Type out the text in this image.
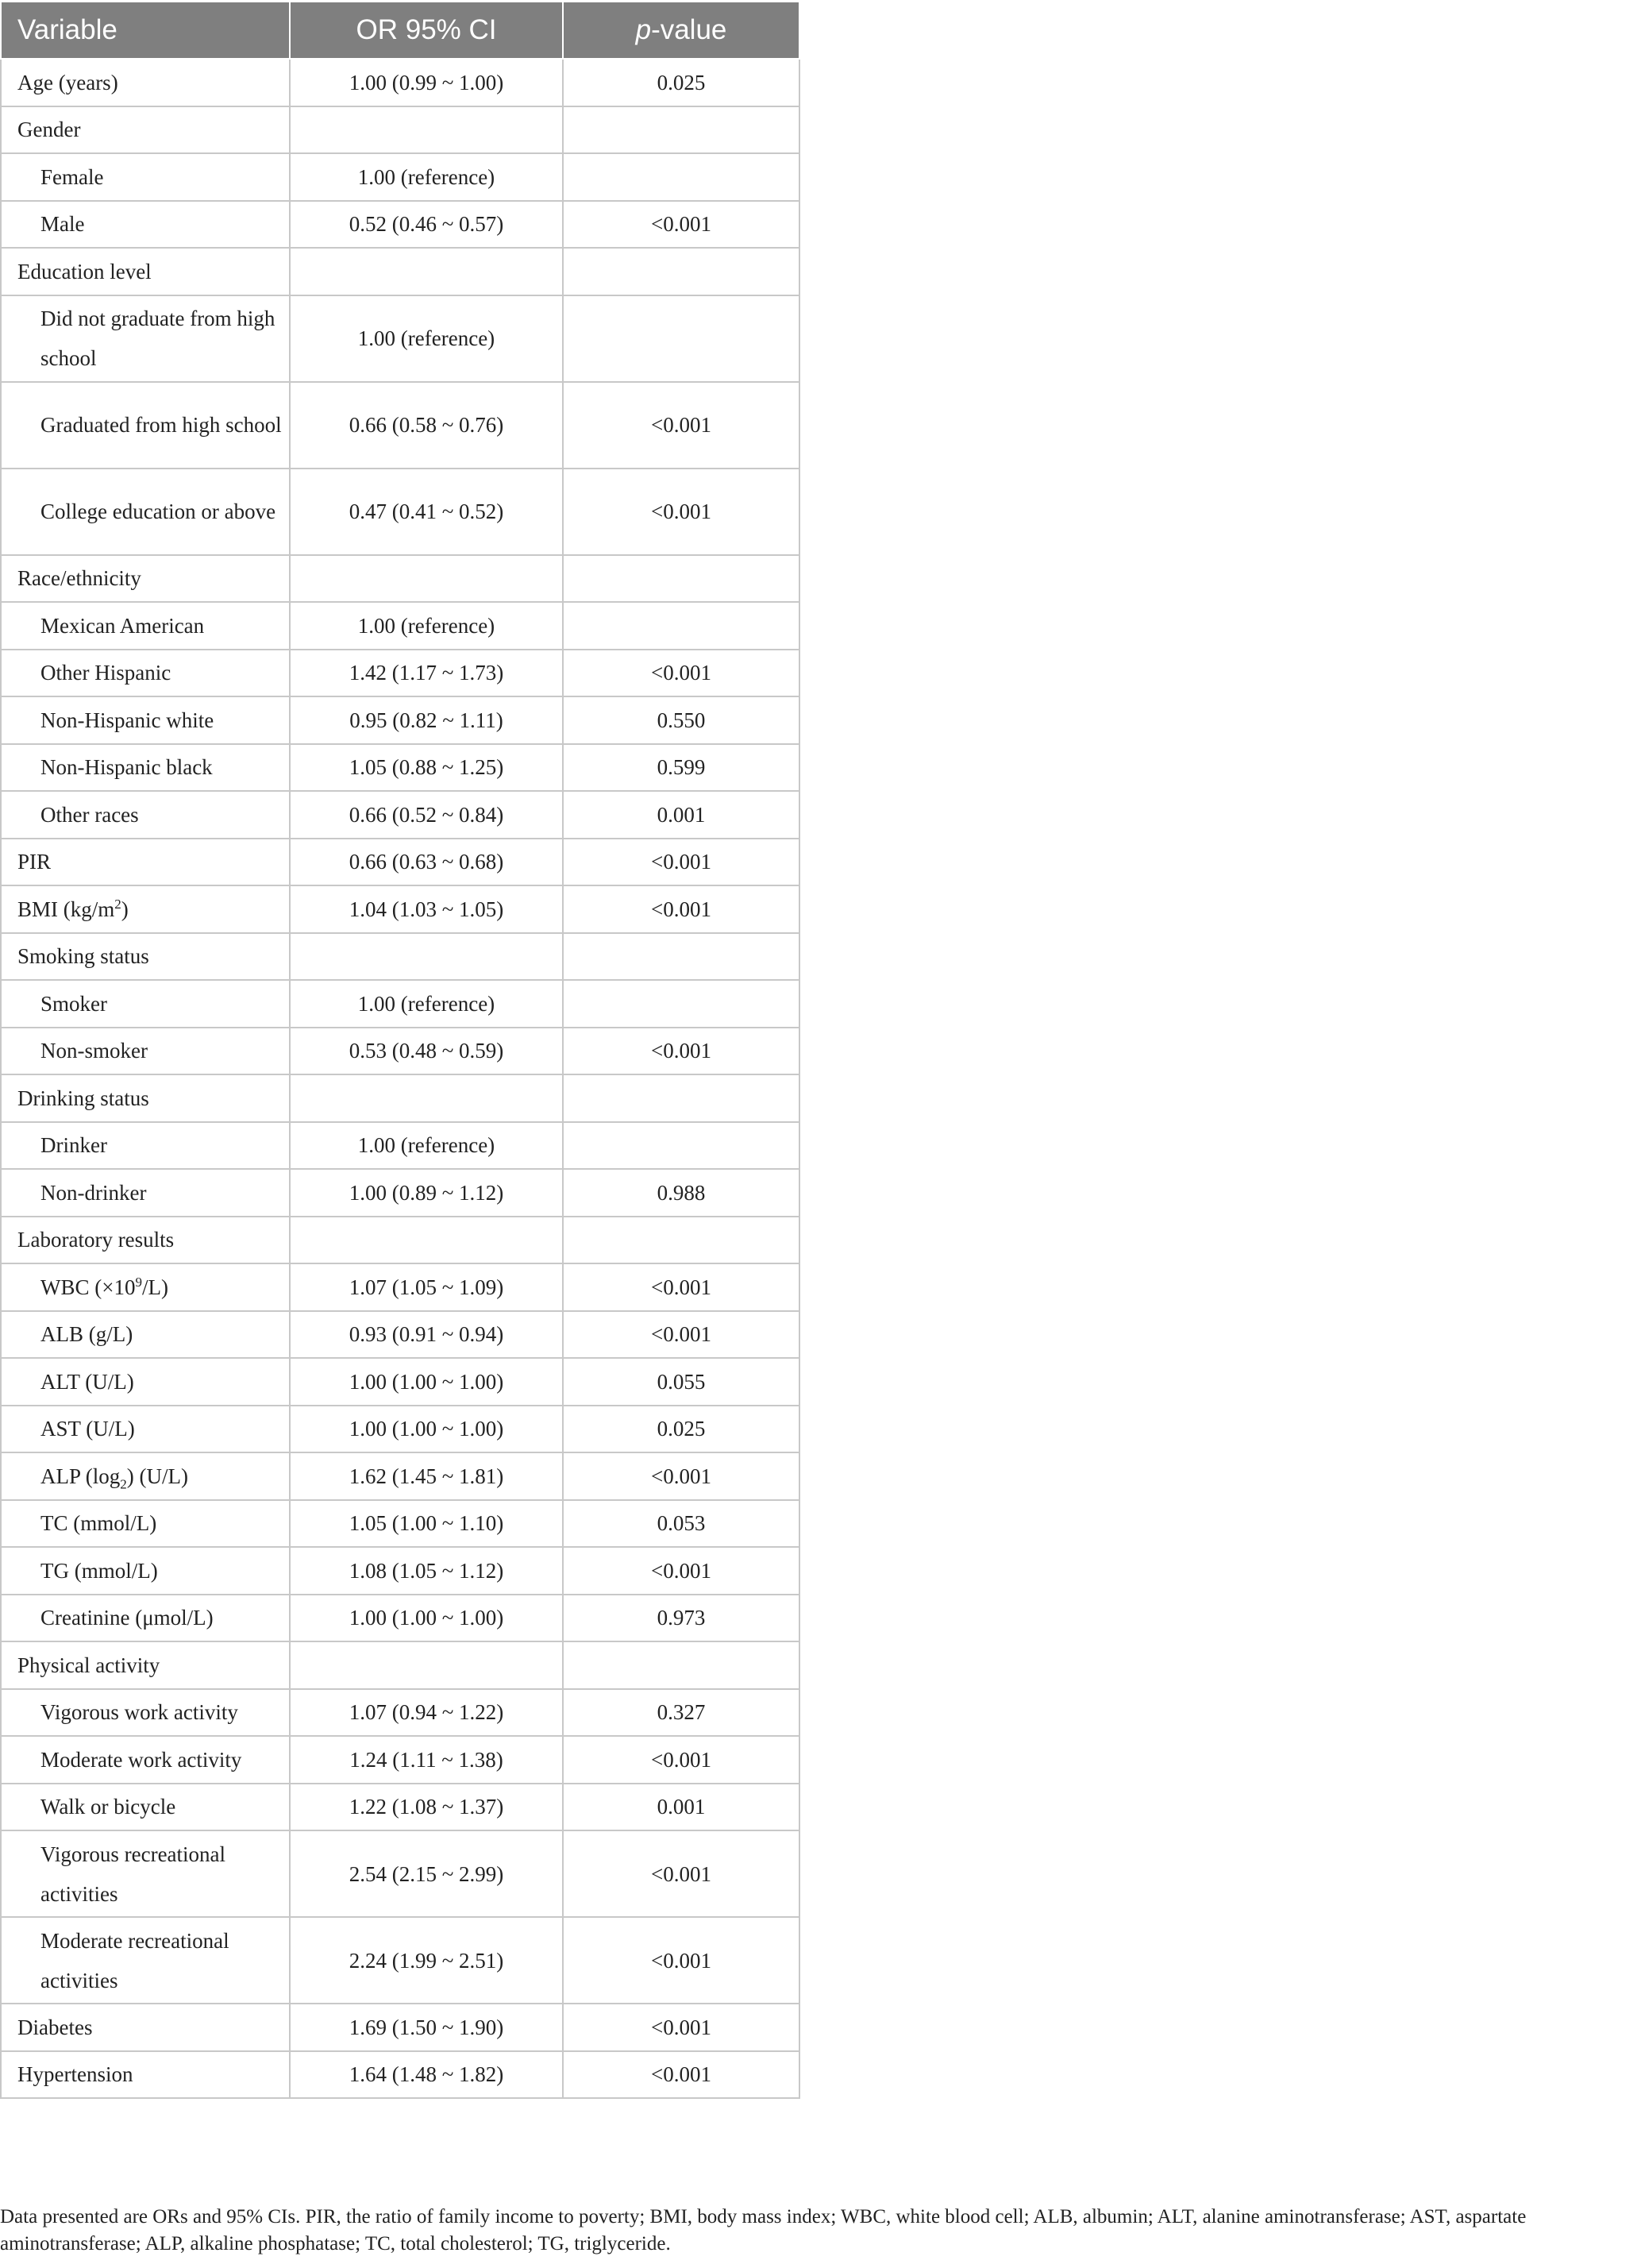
Variable	OR 95% CI	p-value
Age (years)	1.00 (0.99 ~ 1.00)	0.025
Gender		
Female	1.00 (reference)	
Male	0.52 (0.46 ~ 0.57)	<0.001
Education level		
Did not graduate from high school	1.00 (reference)	
Graduated from high school	0.66 (0.58 ~ 0.76)	<0.001
College education or above	0.47 (0.41 ~ 0.52)	<0.001
Race/ethnicity		
Mexican American	1.00 (reference)	
Other Hispanic	1.42 (1.17 ~ 1.73)	<0.001
Non-Hispanic white	0.95 (0.82 ~ 1.11)	0.550
Non-Hispanic black	1.05 (0.88 ~ 1.25)	0.599
Other races	0.66 (0.52 ~ 0.84)	0.001
PIR	0.66 (0.63 ~ 0.68)	<0.001
BMI $(kg/m^2)$	1.04 (1.03 ~ 1.05)	<0.001
Smoking status		
Smoker	1.00 (reference)	
Non-smoker	0.53 (0.48 ~ 0.59)	<0.001
Drinking status		
Drinker	1.00 (reference)	
Non-drinker	1.00 (0.89 ~ 1.12)	0.988
Laboratory results		
WBC $(\times 10^9/L)$	1.07 (1.05 ~ 1.09)	<0.001
ALB (g/L)	0.93 (0.91 ~ 0.94)	<0.001
ALT (U/L)	1.00 (1.00 ~ 1.00)	0.055
AST (U/L)	1.00 (1.00 ~ 1.00)	0.025
ALP $(\log_2)$ (U/L)	1.62 (1.45 ~ 1.81)	<0.001
TC (mmol/L)	1.05 (1.00 ~ 1.10)	0.053
TG (mmol/L)	1.08 (1.05 ~ 1.12)	<0.001
Creatinine (μmol/L)	1.00 (1.00 ~ 1.00)	0.973
Physical activity		
Vigorous work activity	1.07 (0.94 ~ 1.22)	0.327
Moderate work activity	1.24 (1.11 ~ 1.38)	<0.001
Walk or bicycle	1.22 (1.08 ~ 1.37)	0.001
Vigorous recreational activities	2.54 (2.15 ~ 2.99)	<0.001
Moderate recreational activities	2.24 (1.99 ~ 2.51)	<0.001
Diabetes	1.69 (1.50 ~ 1.90)	<0.001
Hypertension	1.64 (1.48 ~ 1.82)	<0.001
Data presented are ORs and 95% CIs. PIR, the ratio of family income to poverty; BMI, body mass index; WBC, white blood cell; ALB, albumin; ALT, alanine aminotransferase; AST, aspartate aminotransferase; ALP, alkaline phosphatase; TC, total cholesterol; TG, triglyceride.
